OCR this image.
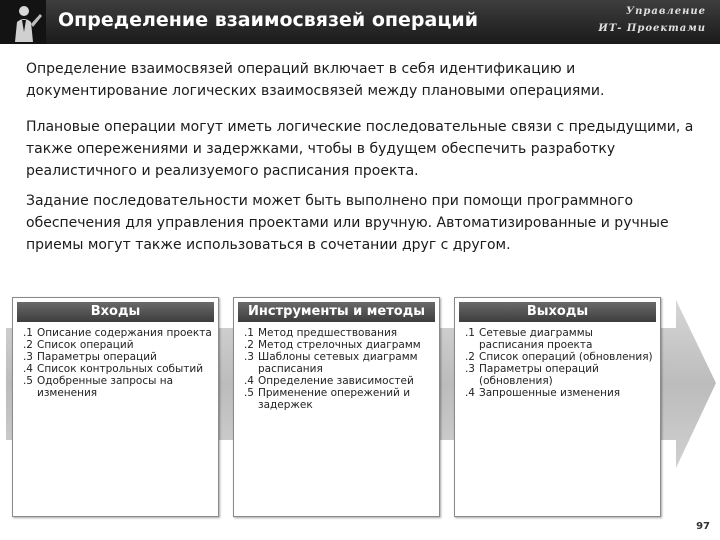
Определение взаимосвязей операций	Управление
ИТ- Проектами

Определение взаимосвязей операций включает в себя идентификацию и документирование логических взаимосвязей между плановыми операциями.

Плановые операции могут иметь логические последовательные связи с предыдущими, а также опережениями и задержками, чтобы в будущем обеспечить разработку реалистичного и реализуемого расписания проекта.

Задание последовательности может быть выполнено при помощи программного обеспечения для управления проектами или вручную. Автоматизированные и ручные приемы могут также использоваться в сочетании друг с другом.

Входы
.1 Описание содержания проекта
.2 Список операций
.3 Параметры операций
.4 Список контрольных событий
.5 Одобренные запросы на изменения
Инструменты и методы
.1 Метод предшествования
.2 Метод стрелочных диаграмм
.3 Шаблоны сетевых диаграмм расписания
.4 Определение зависимостей
.5 Применение опережений и задержек
Выходы
.1 Сетевые диаграммы расписания проекта
.2 Список операций (обновления)
.3 Параметры операций (обновления)
.4 Запрошенные изменения
97
